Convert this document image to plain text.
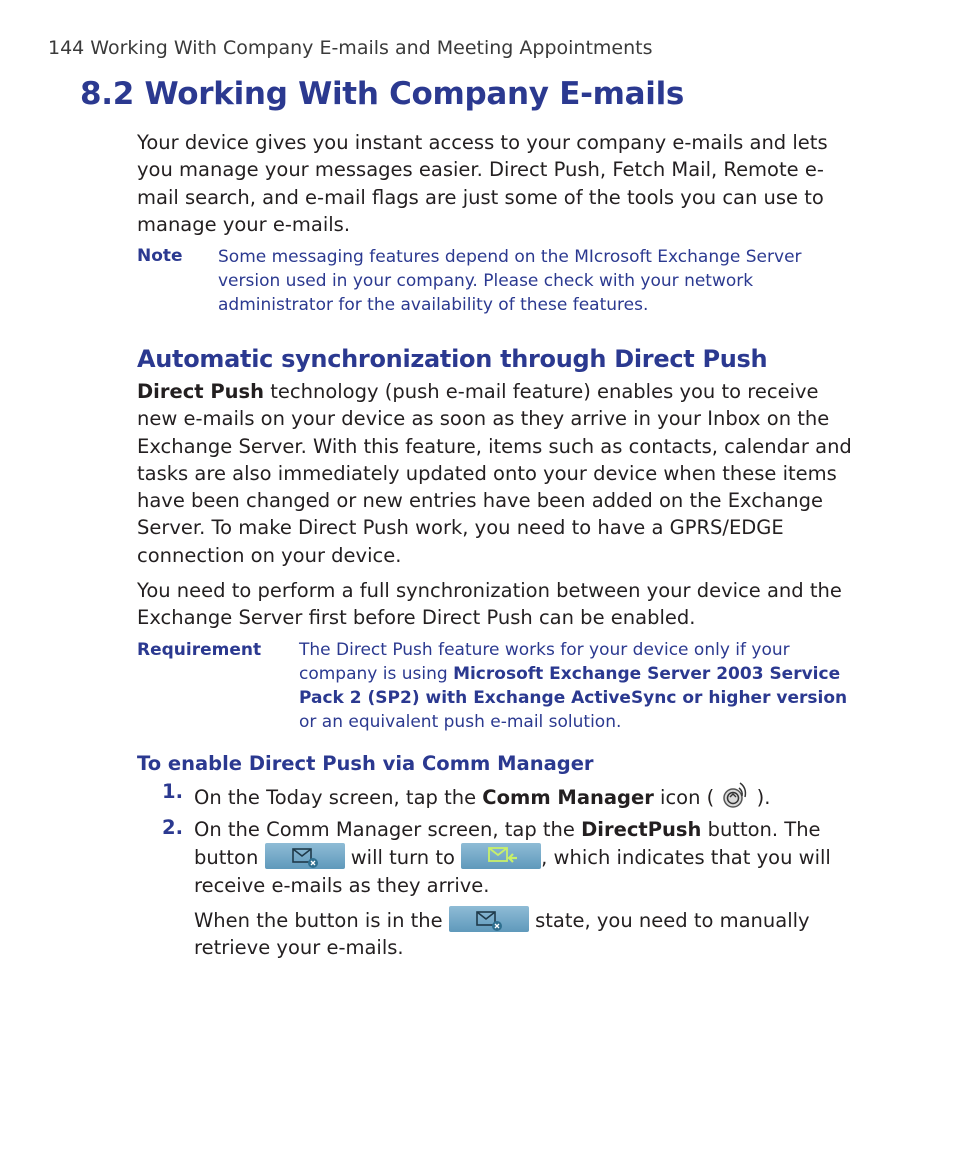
144 Working With Company E-mails and Meeting Appointments
8.2 Working With Company E-mails
Your device gives you instant access to your company e-mails and lets you manage your messages easier. Direct Push, Fetch Mail, Remote e-mail search, and e-mail flags are just some of the tools you can use to manage your e-mails.
Note Some messaging features depend on the MIcrosoft Exchange Server version used in your company. Please check with your network administrator for the availability of these features.
Automatic synchronization through Direct Push
Direct Push technology (push e-mail feature) enables you to receive new e-mails on your device as soon as they arrive in your Inbox on the Exchange Server. With this feature, items such as contacts, calendar and tasks are also immediately updated onto your device when these items have been changed or new entries have been added on the Exchange Server. To make Direct Push work, you need to have a GPRS/EDGE connection on your device.
You need to perform a full synchronization between your device and the Exchange Server first before Direct Push can be enabled.
Requirement The Direct Push feature works for your device only if your company is using Microsoft Exchange Server 2003 Service Pack 2 (SP2) with Exchange ActiveSync or higher version or an equivalent push e-mail solution.
To enable Direct Push via Comm Manager
1. On the Today screen, tap the Comm Manager icon (  ).
2. On the Comm Manager screen, tap the DirectPush button. The button	will turn to	, which indicates that you will receive e-mails as they arrive.
When the button is in the	state, you need to manually retrieve your e-mails.
